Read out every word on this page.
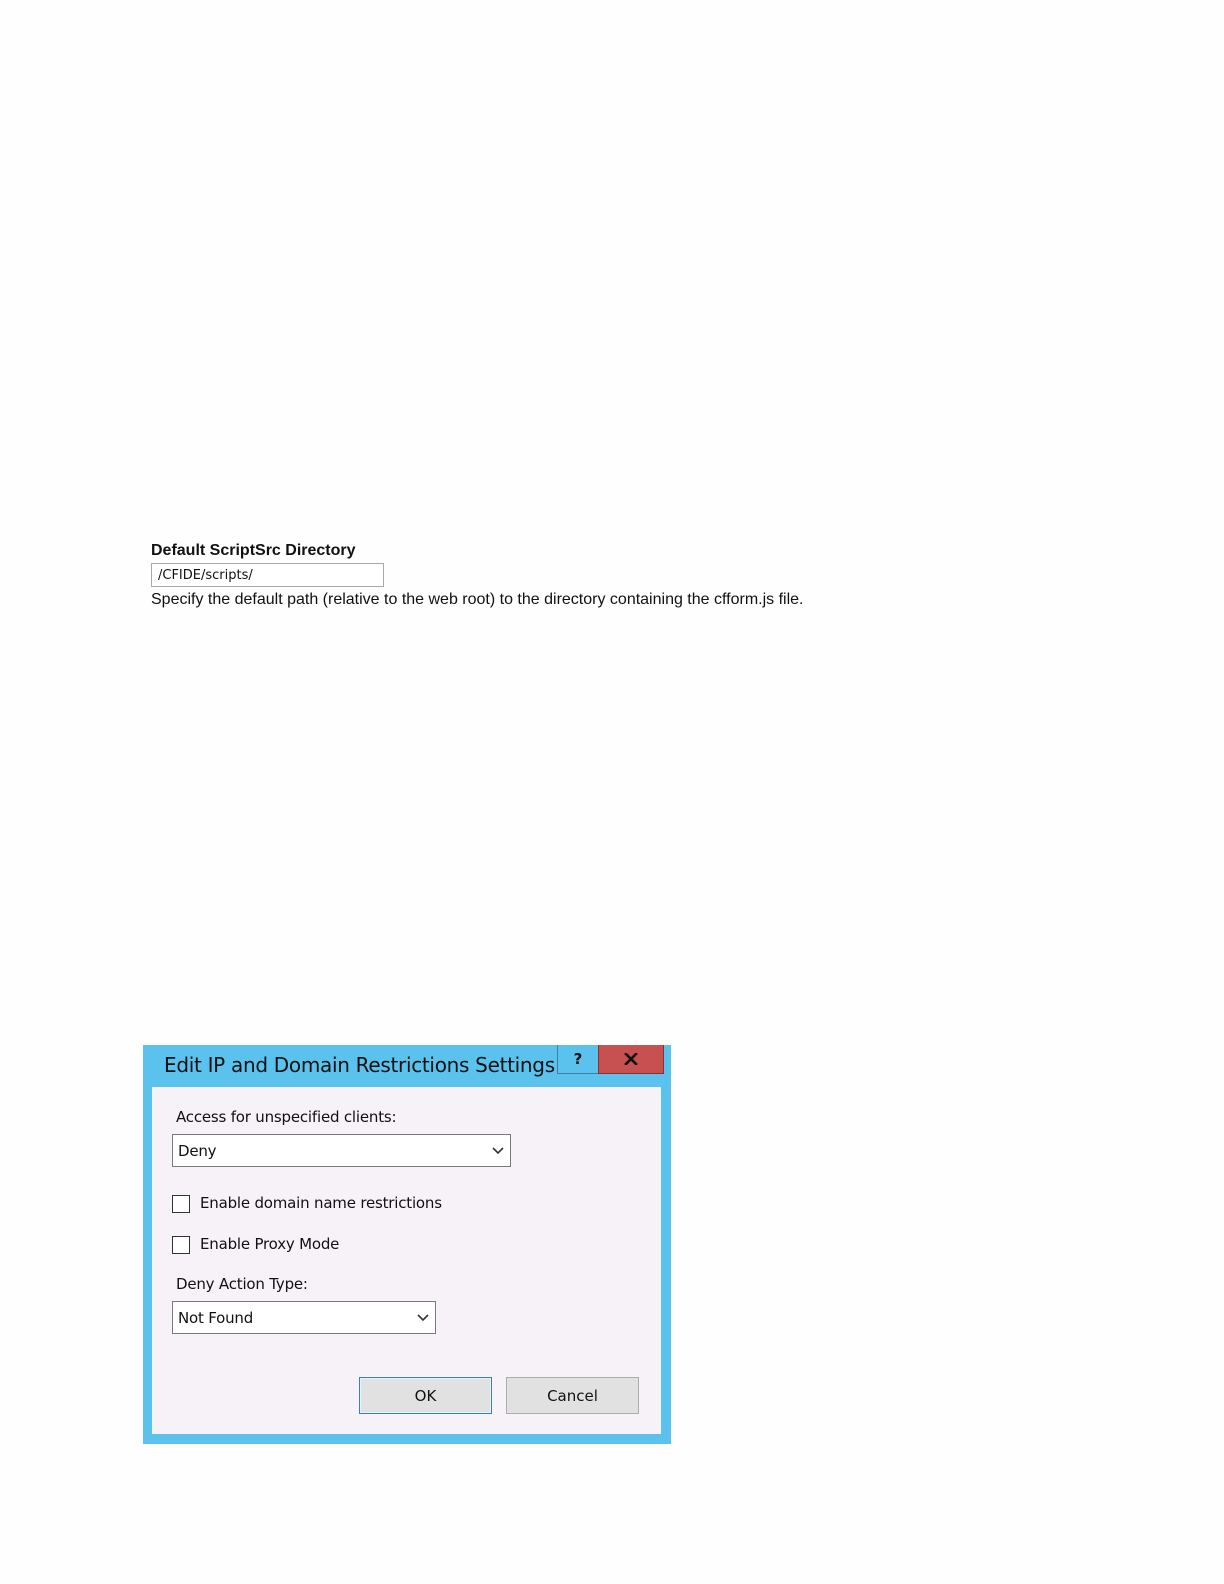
Default ScriptSrc Directory
/CFIDE/scripts/

Specify the default path (relative to the web root) to the directory containing the cfform.js file.

Edit IP and Domain Restrictions Settings ?
Access for unspecified clients:
Deny
Enable domain name restrictions
Enable Proxy Mode
Deny Action Type:
Not Found
OK	Cancel
